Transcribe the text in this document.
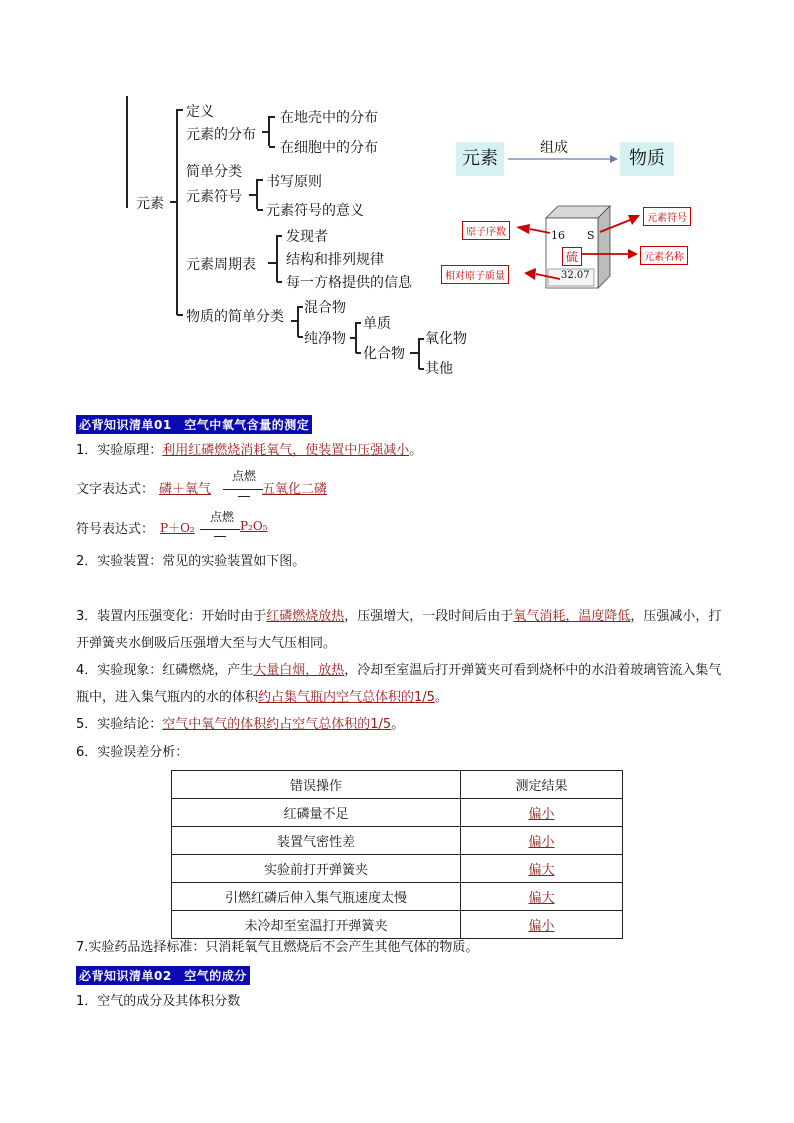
元素
定义
元素的分布
在地壳中的分布
在细胞中的分布
简单分类
元素符号
书写原则
元素符号的意义
元素周期表
发现者
结构和排列规律
每一方格提供的信息
物质的简单分类
混合物
纯净物
单质
化合物
氧化物
其他
元素	物质
组成
16 S
硫
32.07
原子序数
元素符号
元素名称
相对原子质量
必背知识清单01　空气中氧气含量的测定
1．实验原理：利用红磷燃烧消耗氧气，使装置中压强减小。
文字表达式： 磷＋氧气
点燃
五氧化二磷
符号表达式： P＋O₂
点燃
P₂O₅
2．实验装置：常见的实验装置如下图。
3．装置内压强变化：开始时由于红磷燃烧放热，压强增大，一段时间后由于氧气消耗，温度降低，压强减小，打开弹簧夹水倒吸后压强增大至与大气压相同。
4．实验现象：红磷燃烧，产生大量白烟，放热，冷却至室温后打开弹簧夹可看到烧杯中的水沿着玻璃管流入集气瓶中，进入集气瓶内的水的体积约占集气瓶内空气总体积的1/5。
5．实验结论：空气中氧气的体积约占空气总体积的1/5。
6．实验误差分析：
错误操作	测定结果
红磷量不足	偏小
装置气密性差	偏小
实验前打开弹簧夹	偏大
引燃红磷后伸入集气瓶速度太慢	偏大
未冷却至室温打开弹簧夹	偏小
7.实验药品选择标准：只消耗氧气且燃烧后不会产生其他气体的物质。
必背知识清单02　空气的成分
1．空气的成分及其体积分数
